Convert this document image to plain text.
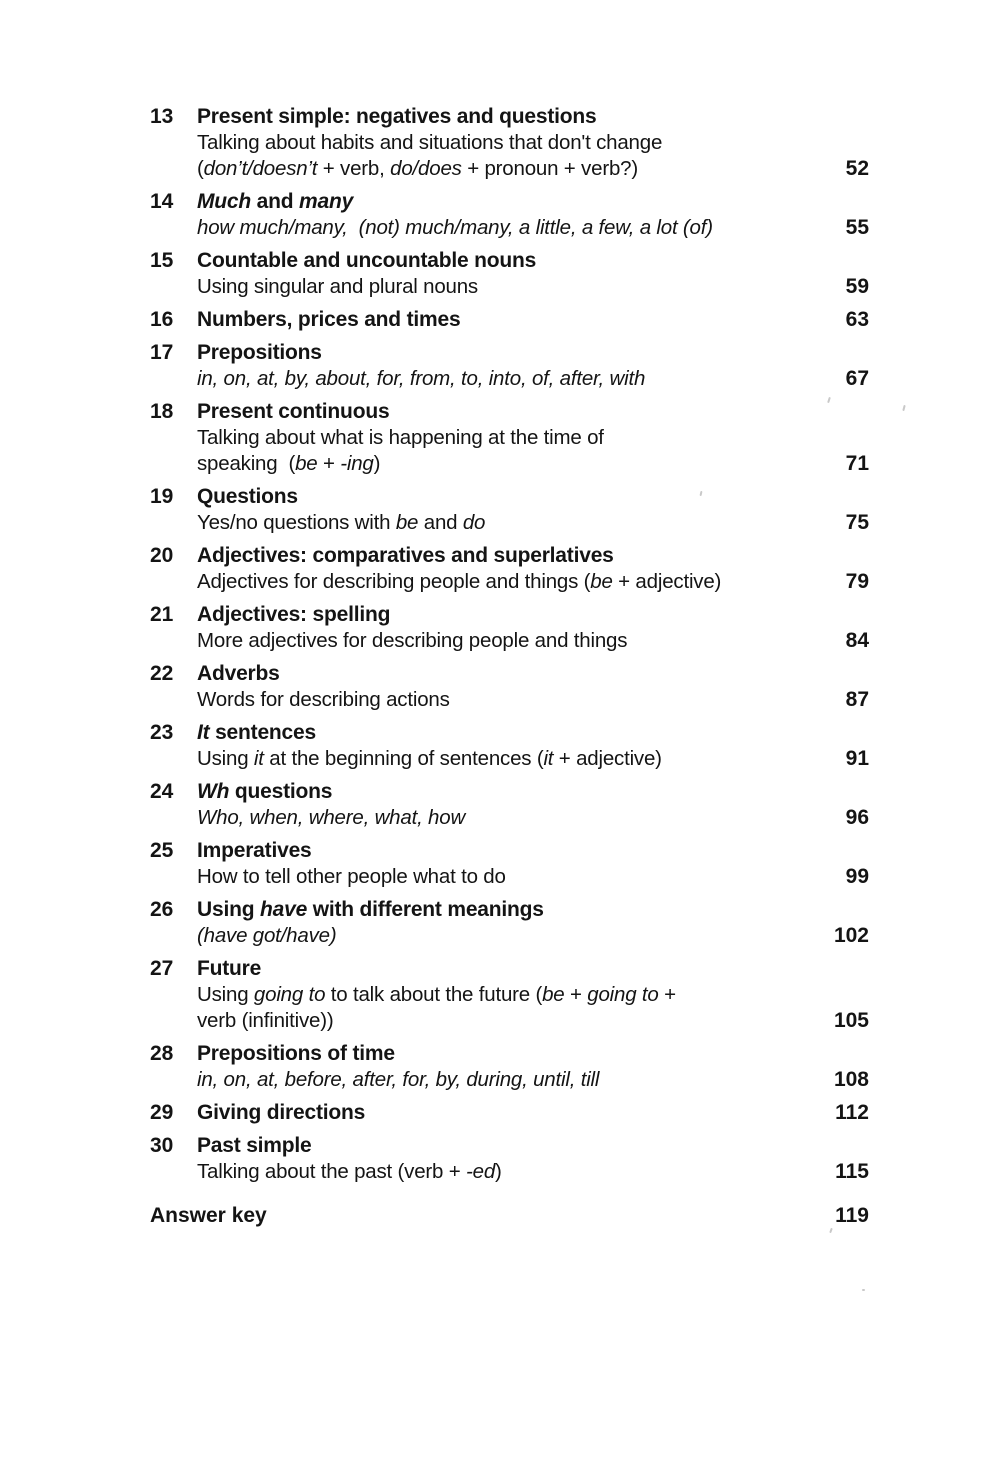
13	Present simple: negatives and questions
Talking about habits and situations that don't change
(don’t/doesn’t + verb, do/does + pronoun + verb?)	52
14	Much and many
how much/many,  (not) much/many, a little, a few, a lot (of)	55
15	Countable and uncountable nouns
Using singular and plural nouns	59
16	Numbers, prices and times	63
17	Prepositions
in, on, at, by, about, for, from, to, into, of, after, with	67
18	Present continuous
Talking about what is happening at the time of
speaking  (be + -ing)	71
19	Questions
Yes/no questions with be and do	75
20	Adjectives: comparatives and superlatives
Adjectives for describing people and things (be + adjective)	79
21	Adjectives: spelling
More adjectives for describing people and things	84
22	Adverbs
Words for describing actions	87
23	It sentences
Using it at the beginning of sentences (it + adjective)	91
24	Wh questions
Who, when, where, what, how	96
25	Imperatives
How to tell other people what to do	99
26	Using have with different meanings
(have got/have)	102
27	Future
Using going to to talk about the future (be + going to +
verb (infinitive))	105
28	Prepositions of time
in, on, at, before, after, for, by, during, until, till	108
29	Giving directions	112
30	Past simple
Talking about the past (verb + -ed)	115
Answer key	119
